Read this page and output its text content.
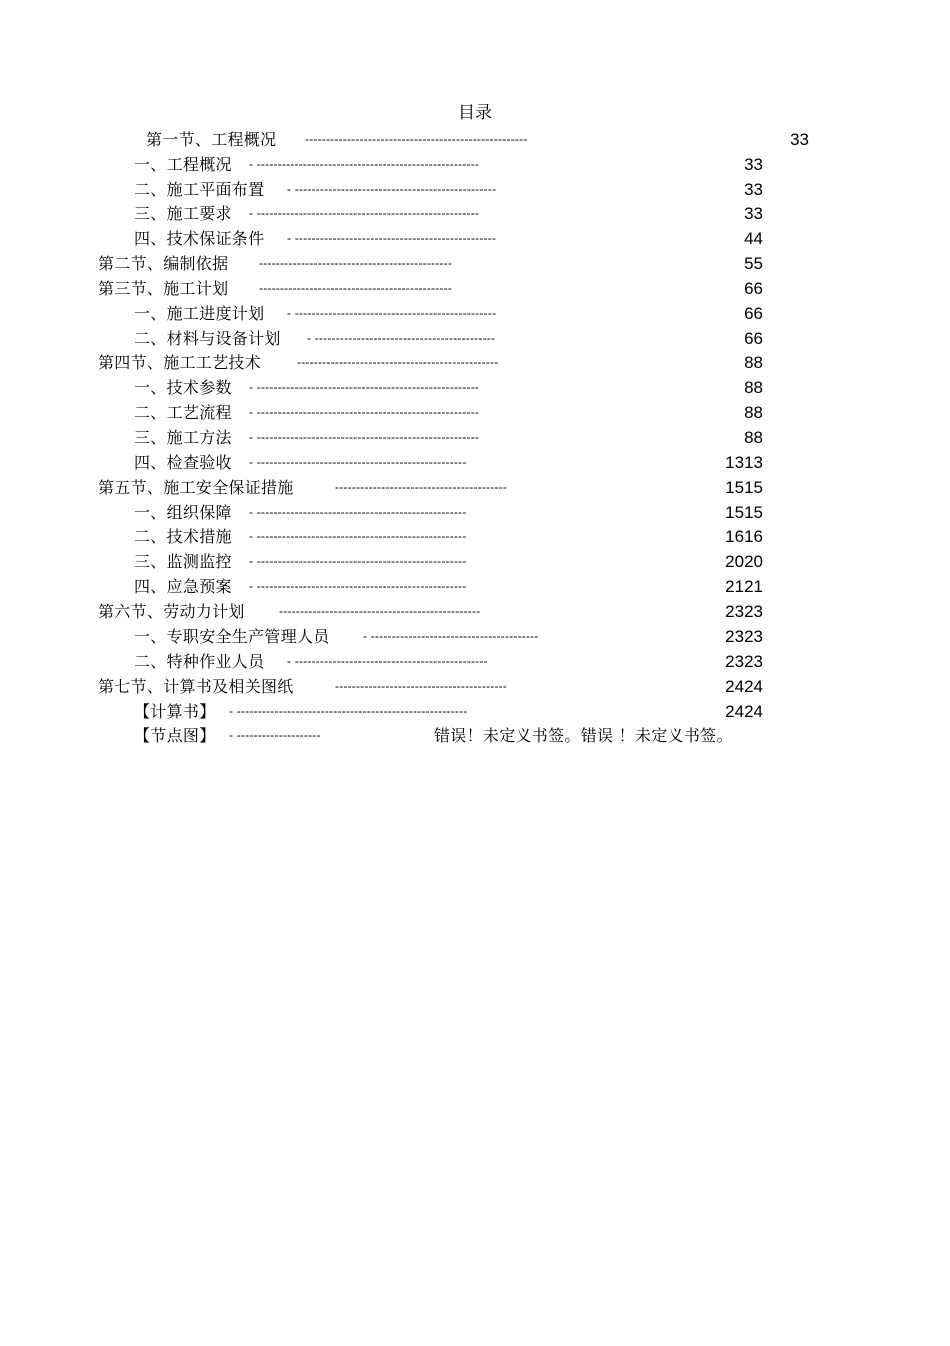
目录
第一节、工程概况 -----------------------------------------------------	33
一、工程概况 - -----------------------------------------------------	33
二、施工平面布置 - ------------------------------------------------	33
三、施工要求 - -----------------------------------------------------	33
四、技术保证条件 - ------------------------------------------------	44
第二节、编制依据	----------------------------------------------	55
第三节、施工计划	----------------------------------------------	66
一、施工进度计划 - ------------------------------------------------	66
二、材料与设备计划 - -------------------------------------------	66
第四节、施工工艺技术	------------------------------------------------	88
一、技术参数 - -----------------------------------------------------	88
二、工艺流程 - -----------------------------------------------------	88
三、施工方法 - -----------------------------------------------------	88
四、检查验收 - --------------------------------------------------	1313
第五节、施工安全保证措施	-----------------------------------------	1515
一、组织保障 - --------------------------------------------------	1515
二、技术措施 - --------------------------------------------------	1616
三、监测监控 - --------------------------------------------------	2020
四、应急预案 - --------------------------------------------------	2121
第六节、劳动力计划	------------------------------------------------	2323
一、专职安全生产管理人员	- ----------------------------------------	2323
二、特种作业人员 - ----------------------------------------------	2323
第七节、计算书及相关图纸	-----------------------------------------	2424
【计算书】 - -------------------------------------------------------	2424
【节点图】 - --------------------	错误！未定义书签。错误 ！未定义书签。
